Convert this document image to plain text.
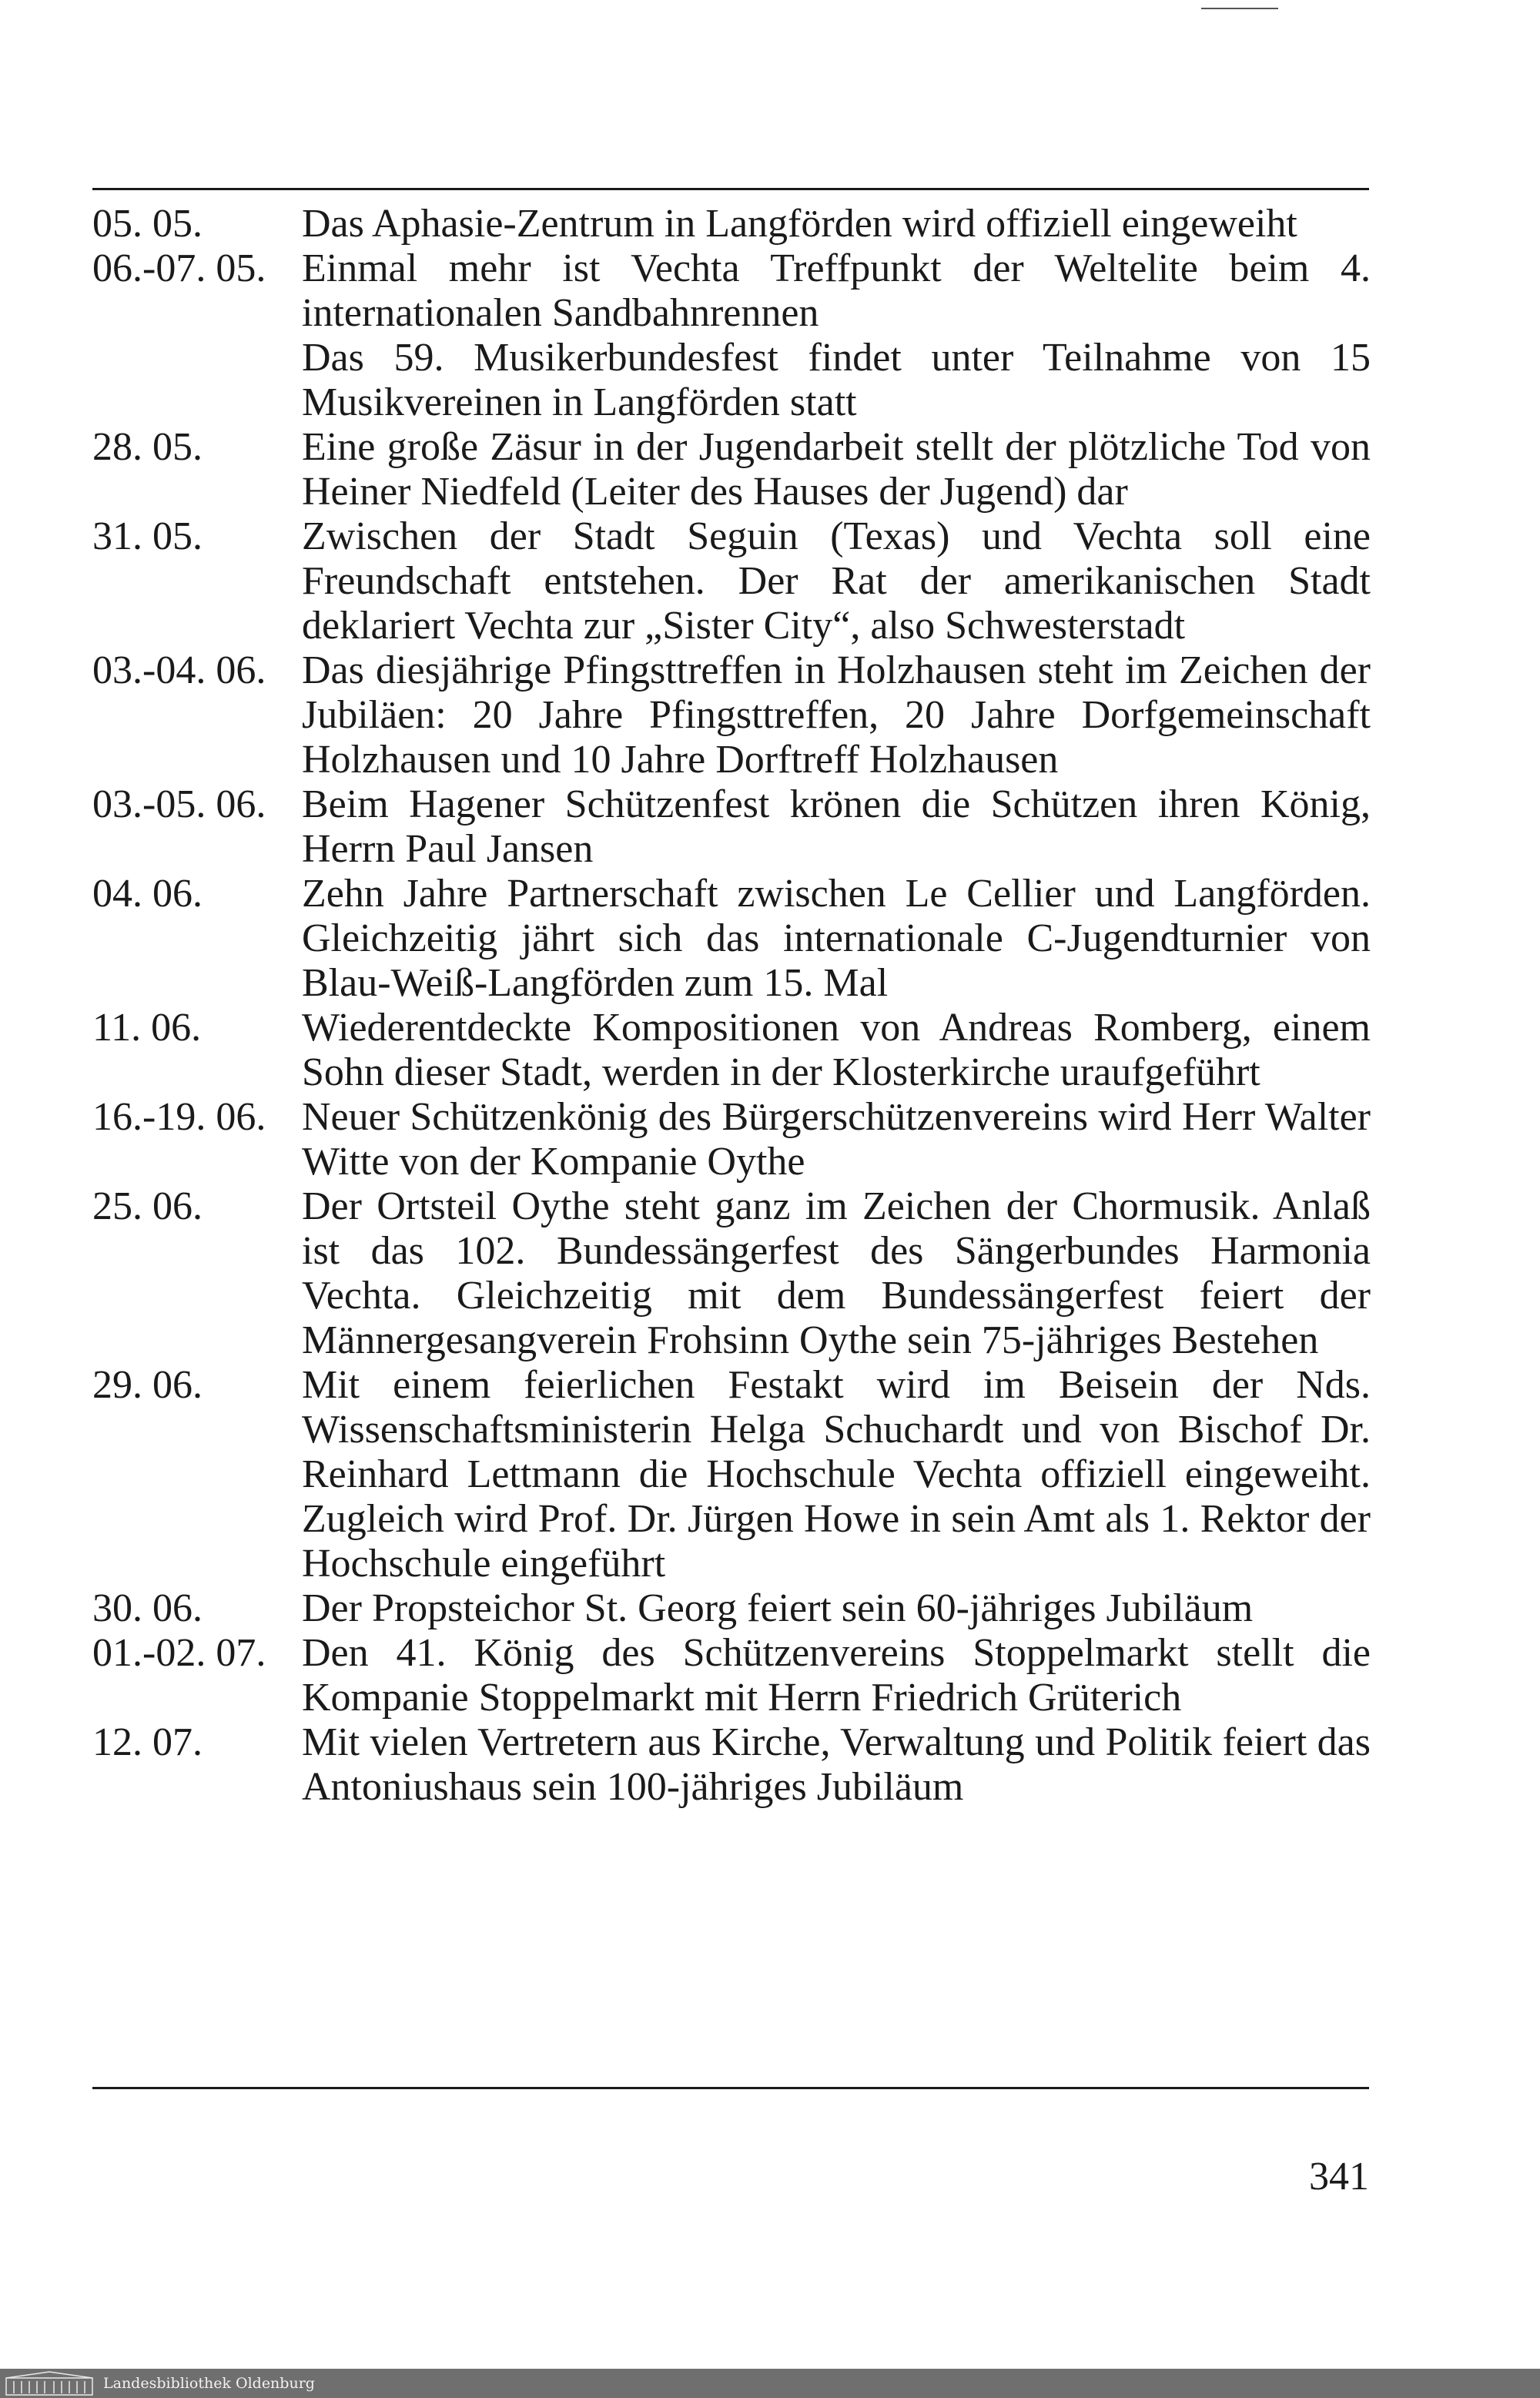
05. 05.	Das Aphasie-Zentrum in Langförden wird offiziell eingeweiht
06.-07. 05. Einmal mehr ist Vechta Treffpunkt der Weltelite beim 4. internationalen Sandbahnrennen
Das 59. Musikerbundesfest findet unter Teilnahme von 15 Musikvereinen in Langförden statt
28. 05.	Eine große Zäsur in der Jugendarbeit stellt der plötzliche Tod von Heiner Niedfeld (Leiter des Hauses der Jugend) dar
31. 05.	Zwischen der Stadt Seguin (Texas) und Vechta soll eine Freundschaft entstehen. Der Rat der amerikanischen Stadt deklariert Vechta zur „Sister City“, also Schwesterstadt
03.-04. 06. Das diesjährige Pfingsttreffen in Holzhausen steht im Zeichen der Jubiläen: 20 Jahre Pfingsttreffen, 20 Jahre Dorfgemeinschaft Holzhausen und 10 Jahre Dorftreff Holzhausen
03.-05. 06. Beim Hagener Schützenfest krönen die Schützen ihren König, Herrn Paul Jansen
04. 06.	Zehn Jahre Partnerschaft zwischen Le Cellier und Langförden. Gleichzeitig jährt sich das internationale C-Jugendturnier von Blau-Weiß-Langförden zum 15. Mal
11. 06.	Wiederentdeckte Kompositionen von Andreas Romberg, einem Sohn dieser Stadt, werden in der Klosterkirche uraufgeführt
16.-19. 06. Neuer Schützenkönig des Bürgerschützenvereins wird Herr Walter Witte von der Kompanie Oythe
25. 06.	Der Ortsteil Oythe steht ganz im Zeichen der Chormusik. Anlaß ist das 102. Bundessängerfest des Sängerbundes Harmonia Vechta. Gleichzeitig mit dem Bundessängerfest feiert der Männergesangverein Frohsinn Oythe sein 75-jähriges Bestehen
29. 06.	Mit einem feierlichen Festakt wird im Beisein der Nds. Wissenschaftsministerin Helga Schuchardt und von Bischof Dr. Reinhard Lettmann die Hochschule Vechta offiziell eingeweiht. Zugleich wird Prof. Dr. Jürgen Howe in sein Amt als 1. Rektor der Hochschule eingeführt
30. 06.	Der Propsteichor St. Georg feiert sein 60-jähriges Jubiläum
01.-02. 07. Den 41. König des Schützenvereins Stoppelmarkt stellt die Kompanie Stoppelmarkt mit Herrn Friedrich Grüterich
12. 07.	Mit vielen Vertretern aus Kirche, Verwaltung und Politik feiert das Antoniushaus sein 100-jähriges Jubiläum
341
Landesbibliothek Oldenburg
